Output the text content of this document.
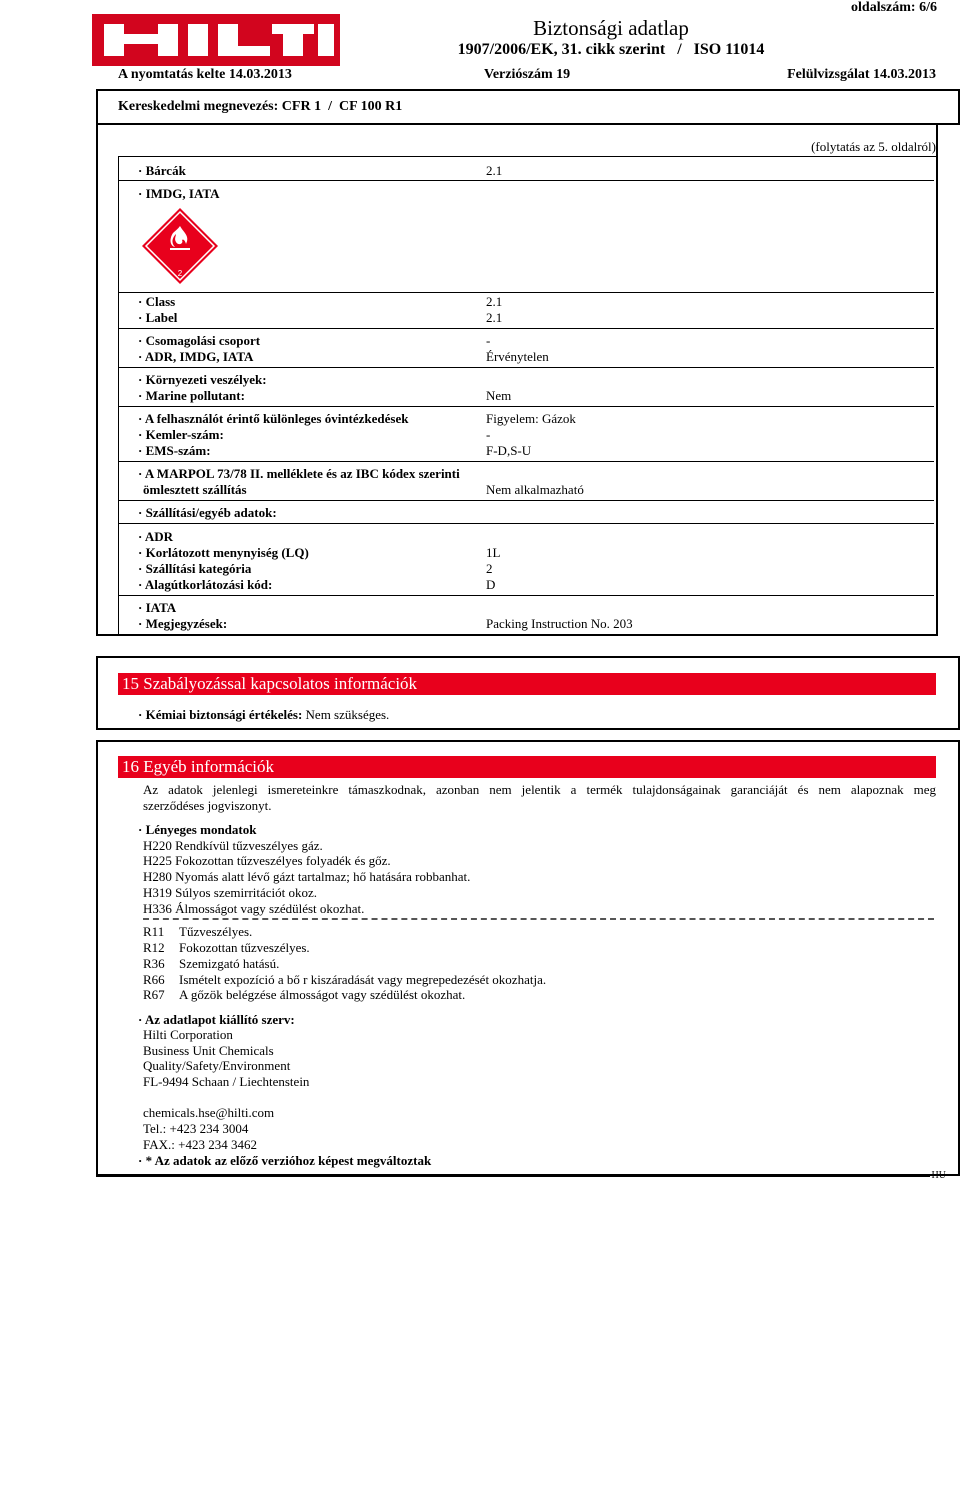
Biztonsági adatlap
1907/2006/EK, 31. cikk szerint   /   ISO 11014
oldalszám: 6/6
A nyomtatás kelte 14.03.2013	Verziószám 19	Felülvizsgálat 14.03.2013
Kereskedelmi megnevezés: CFR 1  /  CF 100 R1
(folytatás az 5. oldalról)
· Bárcák	2.1
· IMDG, IATA
2
· Class	2.1
· Label	2.1
· Csomagolási csoport	-
· ADR, IMDG, IATA	Érvénytelen
· Környezeti veszélyek:
· Marine pollutant:	Nem
· A felhasználót érintő különleges óvintézkedések	Figyelem: Gázok
· Kemler-szám:	-
· EMS-szám:	F-D,S-U
· A MARPOL 73/78 II. melléklete és az IBC kódex szerinti
ömlesztett szállítás	Nem alkalmazható
· Szállítási/egyéb adatok:
· ADR
· Korlátozott menynyiség (LQ)	1L
· Szállítási kategória	2
· Alagútkorlátozási kód:	D
· IATA
· Megjegyzések:	Packing Instruction No. 203
15 Szabályozással kapcsolatos információk
· Kémiai biztonsági értékelés: Nem szükséges.
16 Egyéb információk
Az adatok jelenlegi ismereteinkre támaszkodnak, azonban nem jelentik a termék tulajdonságainak garanciáját és nem alapoznak meg
szerződéses jogviszonyt.
· Lényeges mondatok
H220 Rendkívül tűzveszélyes gáz.
H225 Fokozottan tűzveszélyes folyadék és gőz.
H280 Nyomás alatt lévő gázt tartalmaz; hő hatására robbanhat.
H319 Súlyos szemirritációt okoz.
H336 Álmosságot vagy szédülést okozhat.
R11 Tűzveszélyes.
R12 Fokozottan tűzveszélyes.
R36 Szemizgató hatású.
R66 Ismételt expozíció a bő r kiszáradását vagy megrepedezését okozhatja.
R67 A gőzök belégzése álmosságot vagy szédülést okozhat.
· Az adatlapot kiállító szerv:
Hilti Corporation
Business Unit Chemicals
Quality/Safety/Environment
FL-9494 Schaan / Liechtenstein
chemicals.hse@hilti.com
Tel.: +423 234 3004
FAX.: +423 234 3462
· * Az adatok az előző verzióhoz képest megváltoztak
HU
